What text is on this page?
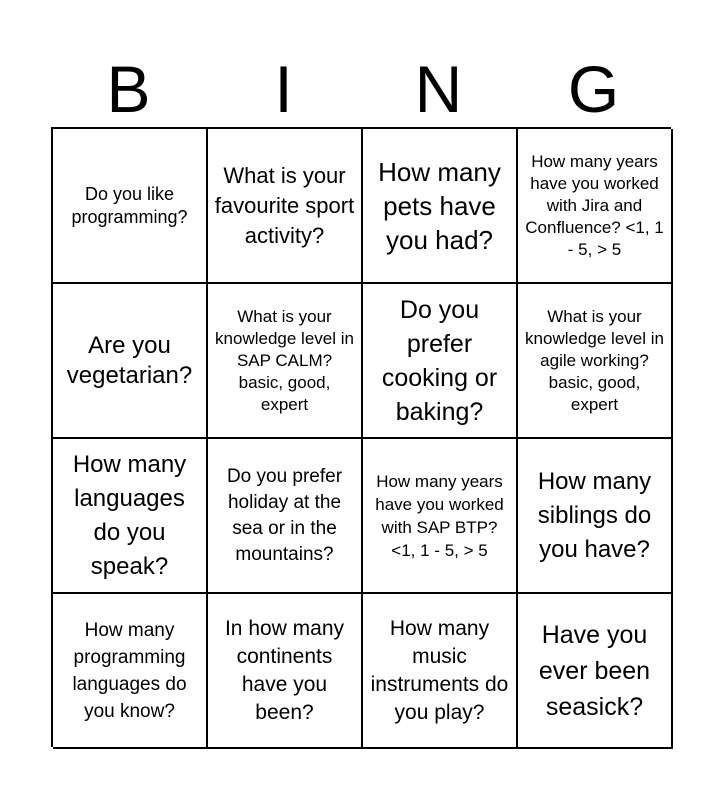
B	I	N	G
Do you like programming?
What is your favourite sport activity?
How many pets have you had?
How many years have you worked with Jira and Confluence? <1, 1 - 5, > 5
Are you vegetarian?
What is your knowledge level in SAP CALM? basic, good, expert
Do you prefer cooking or baking?
What is your knowledge level in agile working? basic, good, expert
How many languages do you speak?
Do you prefer holiday at the sea or in the mountains?
How many years have you worked with SAP BTP? <1, 1 - 5, > 5
How many siblings do you have?
How many programming languages do you know?
In how many continents have you been?
How many music instruments do you play?
Have you ever been seasick?
